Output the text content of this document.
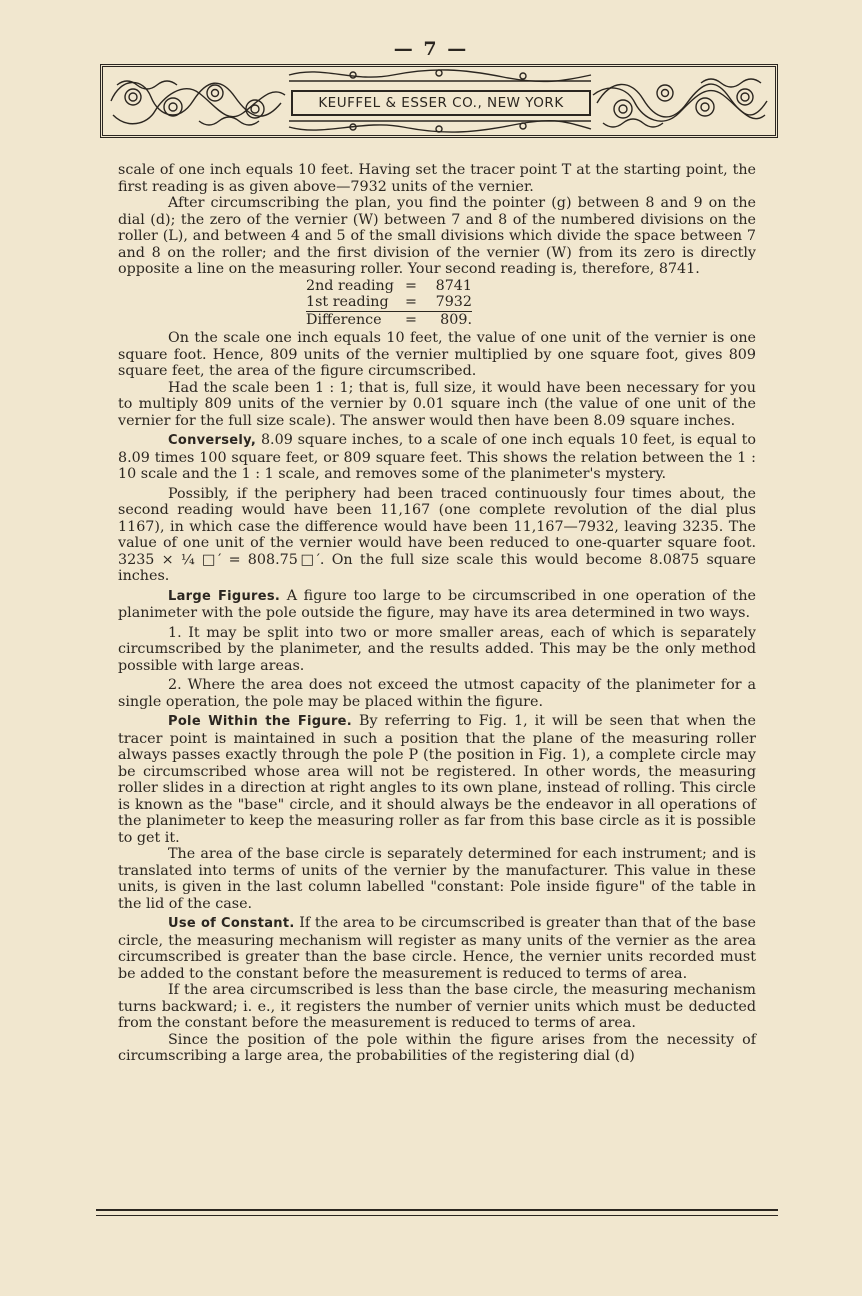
— 7 —
KEUFFEL & ESSER CO., NEW YORK

scale of one inch equals 10 feet. Having set the tracer point T at the starting point, the first reading is as given above—7932 units of the vernier.

After circumscribing the plan, you find the pointer (g) between 8 and 9 on the dial (d); the zero of the vernier (W) between 7 and 8 of the numbered divisions on the roller (L), and between 4 and 5 of the small divisions which divide the space between 7 and 8 on the roller; and the first division of the vernier (W) from its zero is directly opposite a line on the measuring roller. Your second reading is, therefore, 8741.

2nd reading =	8741
1st reading	=	7932
Difference	=	809.

On the scale one inch equals 10 feet, the value of one unit of the vernier is one square foot. Hence, 809 units of the vernier multiplied by one square foot, gives 809 square feet, the area of the figure circumscribed.

Had the scale been 1 : 1; that is, full size, it would have been necessary for you to multiply 809 units of the vernier by 0.01 square inch (the value of one unit of the vernier for the full size scale). The answer would then have been 8.09 square inches.

Conversely, 8.09 square inches, to a scale of one inch equals 10 feet, is equal to 8.09 times 100 square feet, or 809 square feet. This shows the relation between the 1 : 10 scale and the 1 : 1 scale, and removes some of the planimeter's mystery.

Possibly, if the periphery had been traced continuously four times about, the second reading would have been 11,167 (one complete revolution of the dial plus 1167), in which case the difference would have been 11,167—7932, leaving 3235. The value of one unit of the vernier would have been reduced to one-quarter square foot. 3235 × ¼ □′ = 808.75□′. On the full size scale this would become 8.0875 square inches.

Large Figures. A figure too large to be circumscribed in one operation of the planimeter with the pole outside the figure, may have its area determined in two ways.

1. It may be split into two or more smaller areas, each of which is separately circumscribed by the planimeter, and the results added. This may be the only method possible with large areas.

2. Where the area does not exceed the utmost capacity of the planimeter for a single operation, the pole may be placed within the figure.

Pole Within the Figure. By referring to Fig. 1, it will be seen that when the tracer point is maintained in such a position that the plane of the measuring roller always passes exactly through the pole P (the position in Fig. 1), a complete circle may be circumscribed whose area will not be registered. In other words, the measuring roller slides in a direction at right angles to its own plane, instead of rolling. This circle is known as the "base" circle, and it should always be the endeavor in all operations of the planimeter to keep the measuring roller as far from this base circle as it is possible to get it.

The area of the base circle is separately determined for each instrument; and is translated into terms of units of the vernier by the manufacturer. This value in these units, is given in the last column labelled "constant: Pole inside figure" of the table in the lid of the case.

Use of Constant. If the area to be circumscribed is greater than that of the base circle, the measuring mechanism will register as many units of the vernier as the area circumscribed is greater than the base circle. Hence, the vernier units recorded must be added to the constant before the measurement is reduced to terms of area.

If the area circumscribed is less than the base circle, the measuring mechanism turns backward; i. e., it registers the number of vernier units which must be deducted from the constant before the measurement is reduced to terms of area.

Since the position of the pole within the figure arises from the necessity of circumscribing a large area, the probabilities of the registering dial (d)
